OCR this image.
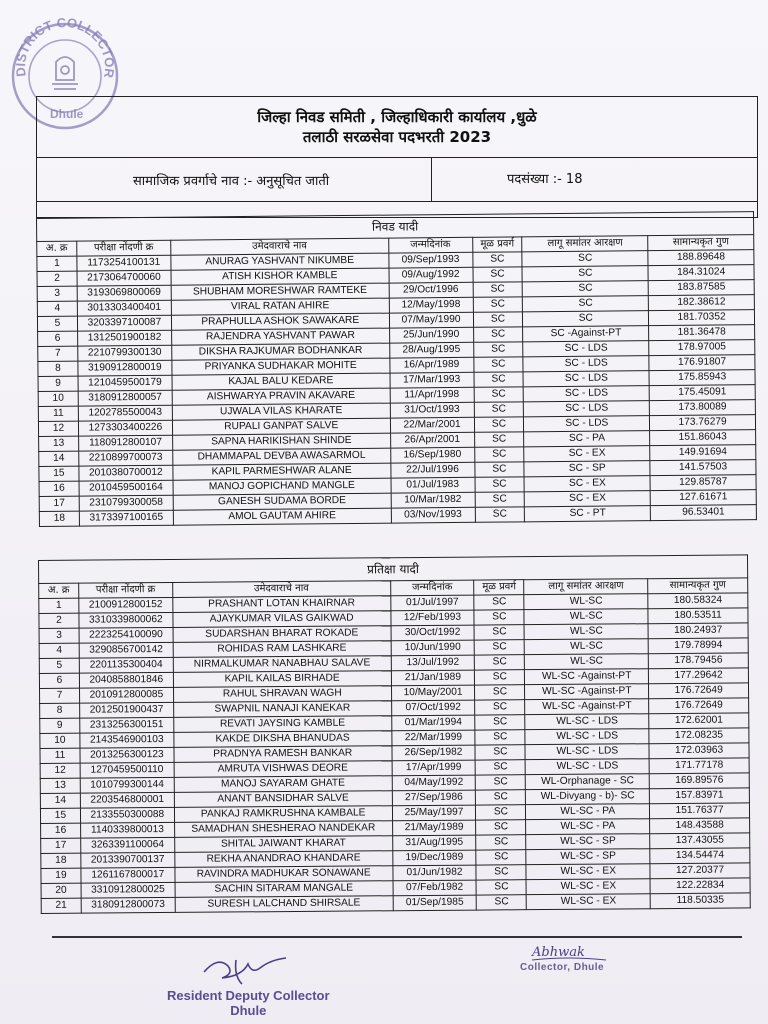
DISTRICT COLLECTOR
Dhule	जिल्हा निवड समिती , जिल्हाधिकारी कार्यालय ,धुळे
तलाठी सरळसेवा पदभरती 2023
सामाजिक प्रवर्गाचे नाव :- अनुसूचित जाती	पदसंख्या :- 18
निवड यादी						
अ. क्र	परीक्षा नोंदणी क्र	उमेदवाराचे नाव	जन्मदिनांक	मूळ प्रवर्ग	लागू समांतर आरक्षण	सामान्यकृत गुण
1	1173254100131	ANURAG YASHVANT NIKUMBE	09/Sep/1993	SC	SC	188.89648
2	2173064700060	ATISH KISHOR KAMBLE	09/Aug/1992	SC	SC	184.31024
3	3193069800069	SHUBHAM MORESHWAR RAMTEKE	29/Oct/1996	SC	SC	183.87585
4	3013303400401	VIRAL RATAN AHIRE	12/May/1998	SC	SC	182.38612
5	3203397100087	PRAPHULLA ASHOK SAWAKARE	07/May/1990	SC	SC	181.70352
6	1312501900182	RAJENDRA YASHVANT PAWAR	25/Jun/1990	SC	SC -Against-PT	181.36478
7	2210799300130	DIKSHA RAJKUMAR BODHANKAR	28/Aug/1995	SC	SC - LDS	178.97005
8	3190912800019	PRIYANKA SUDHAKAR MOHITE	16/Apr/1989	SC	SC - LDS	176.91807
9	1210459500179	KAJAL BALU KEDARE	17/Mar/1993	SC	SC - LDS	175.85943
10	3180912800057	AISHWARYA PRAVIN AKAVARE	11/Apr/1998	SC	SC - LDS	175.45091
11	1202785500043	UJWALA VILAS KHARATE	31/Oct/1993	SC	SC - LDS	173.80089
12	1273303400226	RUPALI GANPAT SALVE	22/Mar/2001	SC	SC - LDS	173.76279
13	1180912800107	SAPNA HARIKISHAN SHINDE	26/Apr/2001	SC	SC - PA	151.86043
14	2210899700073	DHAMMAPAL DEVBA AWASARMOL	16/Sep/1980	SC	SC - EX	149.91694
15	2010380700012	KAPIL PARMESHWAR ALANE	22/Jul/1996	SC	SC - SP	141.57503
16	2010459500164	MANOJ GOPICHAND MANGLE	01/Jul/1983	SC	SC - EX	129.85787
17	2310799300058	GANESH SUDAMA BORDE	10/Mar/1982	SC	SC - EX	127.61671
18	3173397100165	AMOL GAUTAM AHIRE	03/Nov/1993	SC	SC - PT	96.53401
प्रतिक्षा यादी						
अ. क्र	परीक्षा नोंदणी क्र	उमेदवाराचे नाव	जन्मदिनांक	मूळ प्रवर्ग	लागू समांतर आरक्षण	सामान्यकृत गुण
1	2100912800152	PRASHANT LOTAN KHAIRNAR	01/Jul/1997	SC	WL-SC	180.58324
2	3310339800062	AJAYKUMAR VILAS GAIKWAD	12/Feb/1993	SC	WL-SC	180.53511
3	2223254100090	SUDARSHAN BHARAT ROKADE	30/Oct/1992	SC	WL-SC	180.24937
4	3290856700142	ROHIDAS RAM LASHKARE	10/Jun/1990	SC	WL-SC	179.78994
5	2201135300404	NIRMALKUMAR NANABHAU SALAVE	13/Jul/1992	SC	WL-SC	178.79456
6	2040858801846	KAPIL KAILAS BIRHADE	21/Jan/1989	SC	WL-SC -Against-PT	177.29642
7	2010912800085	RAHUL SHRAVAN WAGH	10/May/2001	SC	WL-SC -Against-PT	176.72649
8	2012501900437	SWAPNIL NANAJI KANEKAR	07/Oct/1992	SC	WL-SC -Against-PT	176.72649
9	2313256300151	REVATI JAYSING KAMBLE	01/Mar/1994	SC	WL-SC - LDS	172.62001
10	2143546900103	KAKDE DIKSHA BHANUDAS	22/Mar/1999	SC	WL-SC - LDS	172.08235
11	2013256300123	PRADNYA RAMESH BANKAR	26/Sep/1982	SC	WL-SC - LDS	172.03963
12	1270459500110	AMRUTA VISHWAS DEORE	17/Apr/1999	SC	WL-SC - LDS	171.77178
13	1010799300144	MANOJ SAYARAM GHATE	04/May/1992	SC	WL-Orphanage - SC	169.89576
14	2203546800001	ANANT BANSIDHAR SALVE	27/Sep/1986	SC	WL-Divyang - b)- SC	157.83971
15	2133550300088	PANKAJ RAMKRUSHNA KAMBALE	25/May/1997	SC	WL-SC - PA	151.76377
16	1140339800013	SAMADHAN SHESHERAO NANDEKAR	21/May/1989	SC	WL-SC - PA	148.43588
17	3263391100064	SHITAL JAIWANT KHARAT	31/Aug/1995	SC	WL-SC - SP	137.43055
18	2013390700137	REKHA ANANDRAO KHANDARE	19/Dec/1989	SC	WL-SC - SP	134.54474
19	1261167800017	RAVINDRA MADHUKAR SONAWANE	01/Jun/1982	SC	WL-SC - EX	127.20377
20	3310912800025	SACHIN SITARAM MANGALE	07/Feb/1982	SC	WL-SC - EX	122.22834
21	3180912800073	SURESH LALCHAND SHIRSALE	01/Sep/1985	SC	WL-SC - EX	118.50335
Resident Deputy Collector
Dhule
Abhwak
Collector, Dhule
